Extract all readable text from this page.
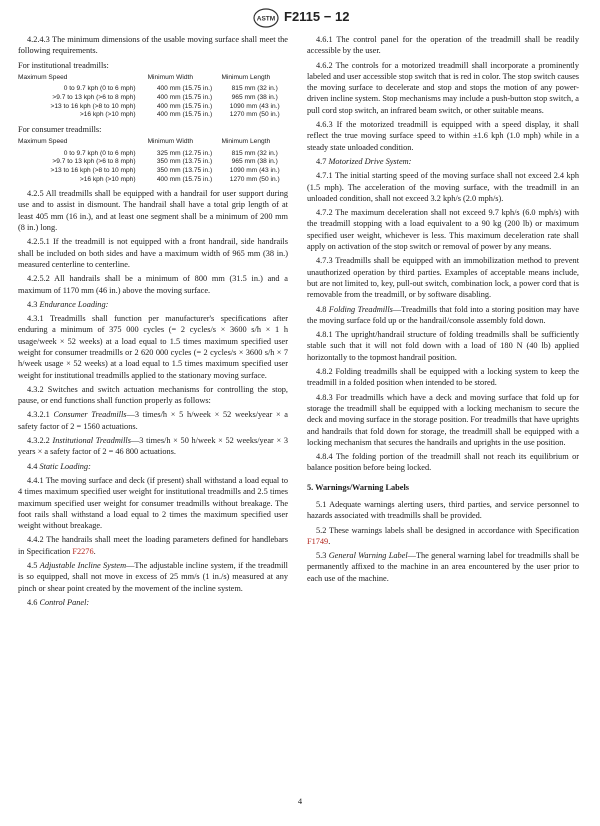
ASTM F2115 − 12

4.2.4.3 The minimum dimensions of the usable moving surface shall meet the following requirements.

For institutional treadmills:

Maximum Speed	Minimum Width	Minimum Length
0 to 9.7 kph (0 to 6 mph)	400 mm (15.75 in.)	815 mm (32 in.)
>9.7 to 13 kph (>6 to 8 mph)	400 mm (15.75 in.)	965 mm (38 in.)
>13 to 16 kph (>8 to 10 mph)	400 mm (15.75 in.)	1090 mm (43 in.)
>16 kph (>10 mph)	400 mm (15.75 in.)	1270 mm (50 in.)

For consumer treadmills:

Maximum Speed	Minimum Width	Minimum Length
0 to 9.7 kph (0 to 6 mph)	325 mm (12.75 in.)	815 mm (32 in.)
>9.7 to 13 kph (>6 to 8 mph)	350 mm (13.75 in.)	965 mm (38 in.)
>13 to 16 kph (>8 to 10 mph)	350 mm (13.75 in.)	1090 mm (43 in.)
>16 kph (>10 mph)	400 mm (15.75 in.)	1270 mm (50 in.)

4.2.5 All treadmills shall be equipped with a handrail for user support during use and to assist in dismount. The handrail shall have a total grip length of at least 405 mm (16 in.), and at least one segment shall be a minimum of 200 mm (8 in.) long.

4.2.5.1 If the treadmill is not equipped with a front handrail, side handrails shall be included on both sides and have a maximum width of 965 mm (38 in.) measured centerline to centerline.

4.2.5.2 All handrails shall be a minimum of 800 mm (31.5 in.) and a maximum of 1170 mm (46 in.) above the moving surface.

4.3 Endurance Loading:

4.3.1 Treadmills shall function per manufacturer's specifications after enduring a minimum of 375 000 cycles (= 2 cycles/s × 3600 s/h × 1 h usage/week × 52 weeks) at a load equal to 1.5 times maximum specified user weight for consumer treadmills or 2 620 000 cycles (= 2 cycles/s × 3600 s/h × 7 h/week usage × 52 weeks) at a load equal to 1.5 times maximum specified user weight for institutional treadmills applied to the stationary moving surface.

4.3.2 Switches and switch actuation mechanisms for controlling the stop, pause, or end functions shall function properly as follows:

4.3.2.1 Consumer Treadmills—3 times/h × 5 h/week × 52 weeks/year × a safety factor of 2 = 1560 actuations.

4.3.2.2 Institutional Treadmills—3 times/h × 50 h/week × 52 weeks/year × 3 years × a safety factor of 2 = 46 800 actuations.

4.4 Static Loading:

4.4.1 The moving surface and deck (if present) shall withstand a load equal to 4 times maximum specified user weight for institutional treadmills and 2.5 times maximum specified user weight for consumer treadmills without breakage. The foot rails shall withstand a load equal to 2 times the maximum specified user weight without breakage.

4.4.2 The handrails shall meet the loading parameters defined for handlebars in Specification F2276.

4.5 Adjustable Incline System—The adjustable incline system, if the treadmill is so equipped, shall not move in excess of 25 mm/s (1 in./s) measured at any pinch or shear point created by the movement of the incline system.

4.6 Control Panel:

4.6.1 The control panel for the operation of the treadmill shall be readily accessible by the user.

4.6.2 The controls for a motorized treadmill shall incorporate a prominently labeled and user accessible stop switch that is red in color. The stop switch causes the moving surface to decelerate and stop and stops the motion of any power-driven incline system. Stop mechanisms may include a push-button stop switch, a pull cord stop switch, an infrared beam switch, or other suitable means.

4.6.3 If the motorized treadmill is equipped with a speed display, it shall reflect the true moving surface speed to within ±1.6 kph (1.0 mph) while in a steady state unloaded condition.

4.7 Motorized Drive System:

4.7.1 The initial starting speed of the moving surface shall not exceed 2.4 kph (1.5 mph). The acceleration of the moving surface, with the treadmill in an unloaded condition, shall not exceed 3.2 kph/s (2.0 mph/s).

4.7.2 The maximum deceleration shall not exceed 9.7 kph/s (6.0 mph/s) with the treadmill stopping with a load equivalent to a 90 kg (200 lb) or maximum specified user weight, whichever is less. This maximum deceleration rate shall apply on activation of the stop switch or removal of power by any means.

4.7.3 Treadmills shall be equipped with an immobilization method to prevent unauthorized operation by third parties. Examples of acceptable means include, but are not limited to, key, pull-out switch, combination lock, a power cord that is removable from the treadmill, or by software disabling.

4.8 Folding Treadmills—Treadmills that fold into a storing position may have the moving surface fold up or the handrail/console assembly fold down.

4.8.1 The upright/handrail structure of folding treadmills shall be sufficiently stable such that it will not fold down with a load of 180 N (40 lb) applied horizontally to the topmost handrail position.

4.8.2 Folding treadmills shall be equipped with a locking system to keep the treadmill in a folded position when intended to be stored.

4.8.3 For treadmills which have a deck and moving surface that fold up for storage the treadmill shall be equipped with a locking mechanism to secure the deck and moving surface in the storage position. For treadmills that have uprights and handrails that fold down for storage, the treadmill shall be equipped with a locking mechanism that secures the handrails and uprights in the use position.

4.8.4 The folding portion of the treadmill shall not reach its equilibrium or balance position before being locked.

5. Warnings/Warning Labels

5.1 Adequate warnings alerting users, third parties, and service personnel to hazards associated with treadmills shall be provided.

5.2 These warnings labels shall be designed in accordance with Specification F1749.

5.3 General Warning Label—The general warning label for treadmills shall be permanently affixed to the machine in an area encountered by the user prior to each use of the machine.

4
